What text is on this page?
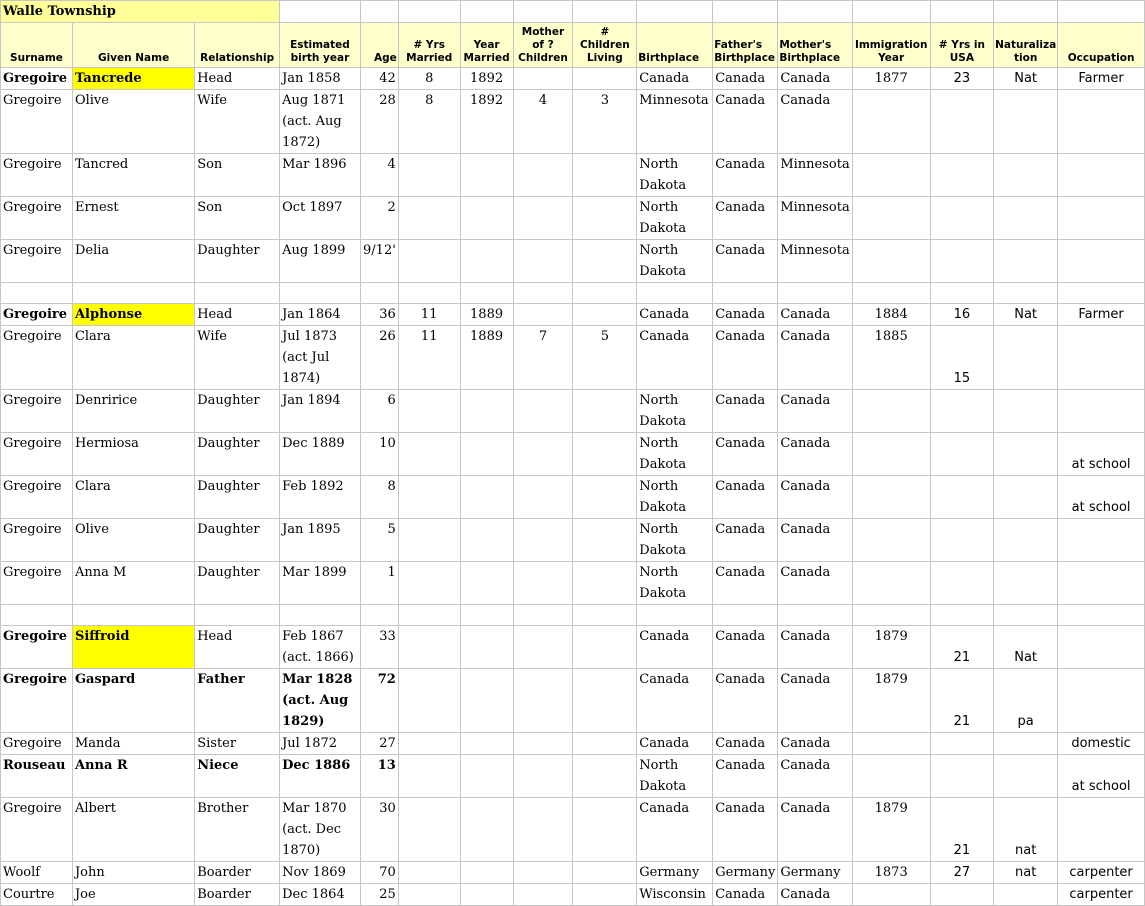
Walle Township															
Surname	Given Name	Relationship	Estimated birth year	Age	# Yrs Married	Year Married	Mother of ? Children	# Children Living	Birthplace	Father's Birthplace	Mother's Birthplace	Immigration Year	# Yrs in USA	Naturaliza tion	Occupation
Gregoire	Tancrede	Head	Jan 1858	42	8	1892			Canada	Canada	Canada	1877	23	Nat	Farmer
Gregoire	Olive	Wife	Aug 1871 (act. Aug 1872)	28	8	1892	4	3	Minnesota	Canada	Canada				
Gregoire	Tancred	Son	Mar 1896	4					North Dakota	Canada	Minnesota				
Gregoire	Ernest	Son	Oct 1897	2					North Dakota	Canada	Minnesota				
Gregoire	Delia	Daughter	Aug 1899	9/12'					North Dakota	Canada	Minnesota				

Gregoire	Alphonse	Head	Jan 1864	36	11	1889			Canada	Canada	Canada	1884	16	Nat	Farmer
Gregoire	Clara	Wife	Jul 1873 (act Jul 1874)	26	11	1889	7	5	Canada	Canada	Canada	1885	15		
Gregoire	Denririce	Daughter	Jan 1894	6					North Dakota	Canada	Canada				
Gregoire	Hermiosa	Daughter	Dec 1889	10					North Dakota	Canada	Canada				at school
Gregoire	Clara	Daughter	Feb 1892	8					North Dakota	Canada	Canada				at school
Gregoire	Olive	Daughter	Jan 1895	5					North Dakota	Canada	Canada				
Gregoire	Anna M	Daughter	Mar 1899	1					North Dakota	Canada	Canada				

Gregoire	Siffroid	Head	Feb 1867 (act. 1866)	33					Canada	Canada	Canada	1879	21	Nat	
Gregoire	Gaspard	Father	Mar 1828 (act. Aug 1829)	72					Canada	Canada	Canada	1879	21	pa	
Gregoire	Manda	Sister	Jul 1872	27					Canada	Canada	Canada				domestic
Rouseau	Anna R	Niece	Dec 1886	13					North Dakota	Canada	Canada				at school
Gregoire	Albert	Brother	Mar 1870 (act. Dec 1870)	30					Canada	Canada	Canada	1879	21	nat	
Woolf	John	Boarder	Nov 1869	70					Germany	Germany	Germany	1873	27	nat	carpenter
Courtre	Joe	Boarder	Dec 1864	25					Wisconsin	Canada	Canada				carpenter
